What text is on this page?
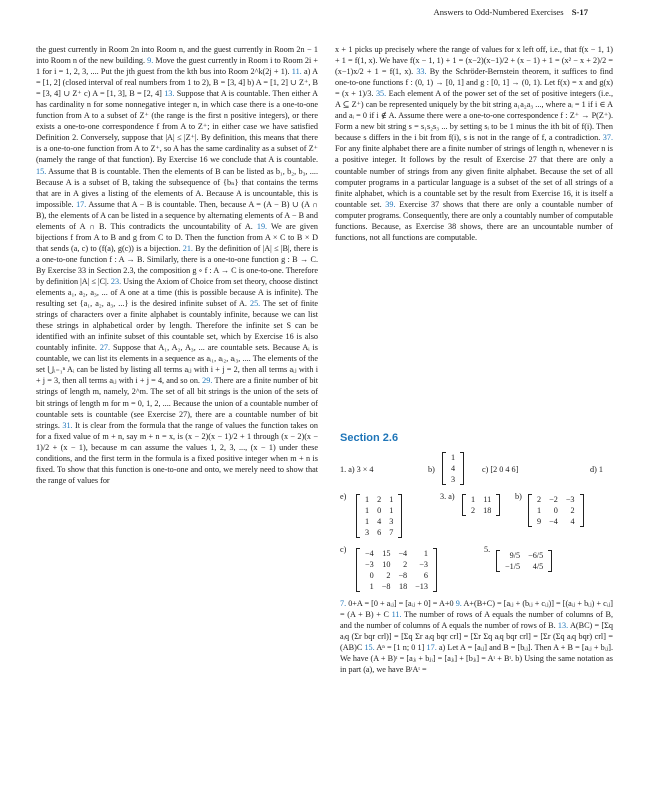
Answers to Odd-Numbered Exercises S-17

the guest currently in Room 2n into Room n, and the guest currently in Room 2n − 1 into Room n of the new building. 9. Move the guest currently in Room i to Room 2i + 1 for i = 1, 2, 3, .... Put the jth guest from the kth bus into Room 2^k(2j + 1). 11. a) A = [1, 2] (closed interval of real numbers from 1 to 2), B = [3, 4] b) A = [1, 2] ∪ Z⁺, B = [3, 4] ∪ Z⁺ c) A = [1, 3], B = [2, 4] 13. Suppose that A is countable. Then either A has cardinality n for some nonnegative integer n, in which case there is a one-to-one function from A to a subset of Z⁺ (the range is the first n positive integers), or there exists a one-to-one correspondence f from A to Z⁺; in either case we have satisfied Definition 2. Conversely, suppose that |A| ≤ |Z⁺|. By definition, this means that there is a one-to-one function from A to Z⁺, so A has the same cardinality as a subset of Z⁺ (namely the range of that function). By Exercise 16 we conclude that A is countable. 15. Assume that B is countable. Then the elements of B can be listed as b₁, b₂, b₃, .... Because A is a subset of B, taking the subsequence of {bₙ} that contains the terms that are in A gives a listing of the elements of A. Because A is uncountable, this is impossible. 17. Assume that A − B is countable. Then, because A = (A − B) ∪ (A ∩ B), the elements of A can be listed in a sequence by alternating elements of A − B and elements of A ∩ B. This contradicts the uncountability of A. 19. We are given bijections f from A to B and g from C to D. Then the function from A × C to B × D that sends (a, c) to (f(a), g(c)) is a bijection. 21. By the definition of |A| ≤ |B|, there is a one-to-one function f : A → B. Similarly, there is a one-to-one function g : B → C. By Exercise 33 in Section 2.3, the composition g ∘ f : A → C is one-to-one. Therefore by definition |A| ≤ |C|. 23. Using the Axiom of Choice from set theory, choose distinct elements a₁, a₂, a₃, ... of A one at a time (this is possible because A is infinite). The resulting set {a₁, a₂, a₃, ...} is the desired infinite subset of A. 25. The set of finite strings of characters over a finite alphabet is countably infinite, because we can list these strings in alphabetical order by length. Therefore the infinite set S can be identified with an infinite subset of this countable set, which by Exercise 16 is also countably infinite. 27. Suppose that A₁, A₂, A₃, ... are countable sets. Because Aᵢ is countable, we can list its elements in a sequence as aᵢ₁, aᵢ₂, aᵢ₃, .... The elements of the set ⋃ᵢ₌₁ⁿ Aᵢ can be listed by listing all terms aᵢⱼ with i + j = 2, then all terms aᵢⱼ with i + j = 3, then all terms aᵢⱼ with i + j = 4, and so on. 29. There are a finite number of bit strings of length m, namely, 2^m. The set of all bit strings is the union of the sets of bit strings of length m for m = 0, 1, 2, .... Because the union of a countable number of countable sets is countable (see Exercise 27), there are a countable number of bit strings. 31. It is clear from the formula that the range of values the function takes on for a fixed value of m + n, say m + n = x, is (x − 2)(x − 1)/2 + 1 through (x − 2)(x − 1)/2 + (x − 1), because m can assume the values 1, 2, 3, ..., (x − 1) under these conditions, and the first term in the formula is a fixed positive integer when m + n is fixed. To show that this function is one-to-one and onto, we merely need to show that the range of values for

x + 1 picks up precisely where the range of values for x left off, i.e., that f(x − 1, 1) + 1 = f(1, x). We have f(x − 1, 1) + 1 = (x−2)(x−1)/2 + (x − 1) + 1 = (x² − x + 2)/2 = (x−1)x/2 + 1 = f(1, x). 33. By the Schröder-Bernstein theorem, it suffices to find one-to-one functions f : (0, 1) → [0, 1] and g : [0, 1] → (0, 1). Let f(x) = x and g(x) = (x + 1)/3. 35. Each element A of the power set of the set of positive integers (i.e., A ⊆ Z⁺) can be represented uniquely by the bit string a₁a₂a₃ ..., where aᵢ = 1 if i ∈ A and aᵢ = 0 if i ∉ A. Assume there were a one-to-one correspondence f : Z⁺ → P(Z⁺). Form a new bit string s = s₁s₂s₃ ... by setting sᵢ to be 1 minus the ith bit of f(i). Then because s differs in the i bit from f(i), s is not in the range of f, a contradiction. 37. For any finite alphabet there are a finite number of strings of length n, whenever n is a positive integer. It follows by the result of Exercise 27 that there are only a countable number of strings from any given finite alphabet. Because the set of all computer programs in a particular language is a subset of the set of all strings of a finite alphabet, which is a countable set by the result from Exercise 16, it is itself a countable set. 39. Exercise 37 shows that there are only a countable number of computer programs. Consequently, there are only a countably number of computable functions. Because, as Exercise 38 shows, there are an uncountable number of functions, not all functions are computable.

Section 2.6
1. a) 3 × 4	b)
1
4
3
c) [2 0 4 6]	d) 1
e) 1	2	1
1	0	1
1	4	3
3	6	7
3. a) 1	11
2	18
b) 2	−2	−3
1	0	2
9	−4	4
c) −4	15	−4	1
−3	10	2	−3
0	2	−8	6
1	−8	18	−13
5.
9/5	−6/5
−1/5	4/5

7. 0+A = [0 + aᵢⱼ] = [aᵢⱼ + 0] = A+0 9. A+(B+C) = [aᵢⱼ + (bᵢⱼ + cᵢⱼ)] = [(aᵢⱼ + bᵢⱼ) + cᵢⱼ] = (A + B) + C 11. The number of rows of A equals the number of columns of B, and the number of columns of A equals the number of rows of B. 13. A(BC) = [Σq aᵢq (Σr bqr crl)] = [Σq Σr aᵢq bqr crl] = [Σr Σq aᵢq bqr crl] = [Σr (Σq aᵢq bqr) crl] = (AB)C 15. Aⁿ = [1 n; 0 1] 17. a) Let A = [aᵢⱼ] and B = [bᵢⱼ]. Then A + B = [aᵢⱼ + bᵢⱼ]. We have (A + B)ᵗ = [aⱼᵢ + bⱼᵢ] = [aⱼᵢ] + [bⱼᵢ] = Aᵗ + Bᵗ. b) Using the same notation as in part (a), we have BᵗAᵗ =
